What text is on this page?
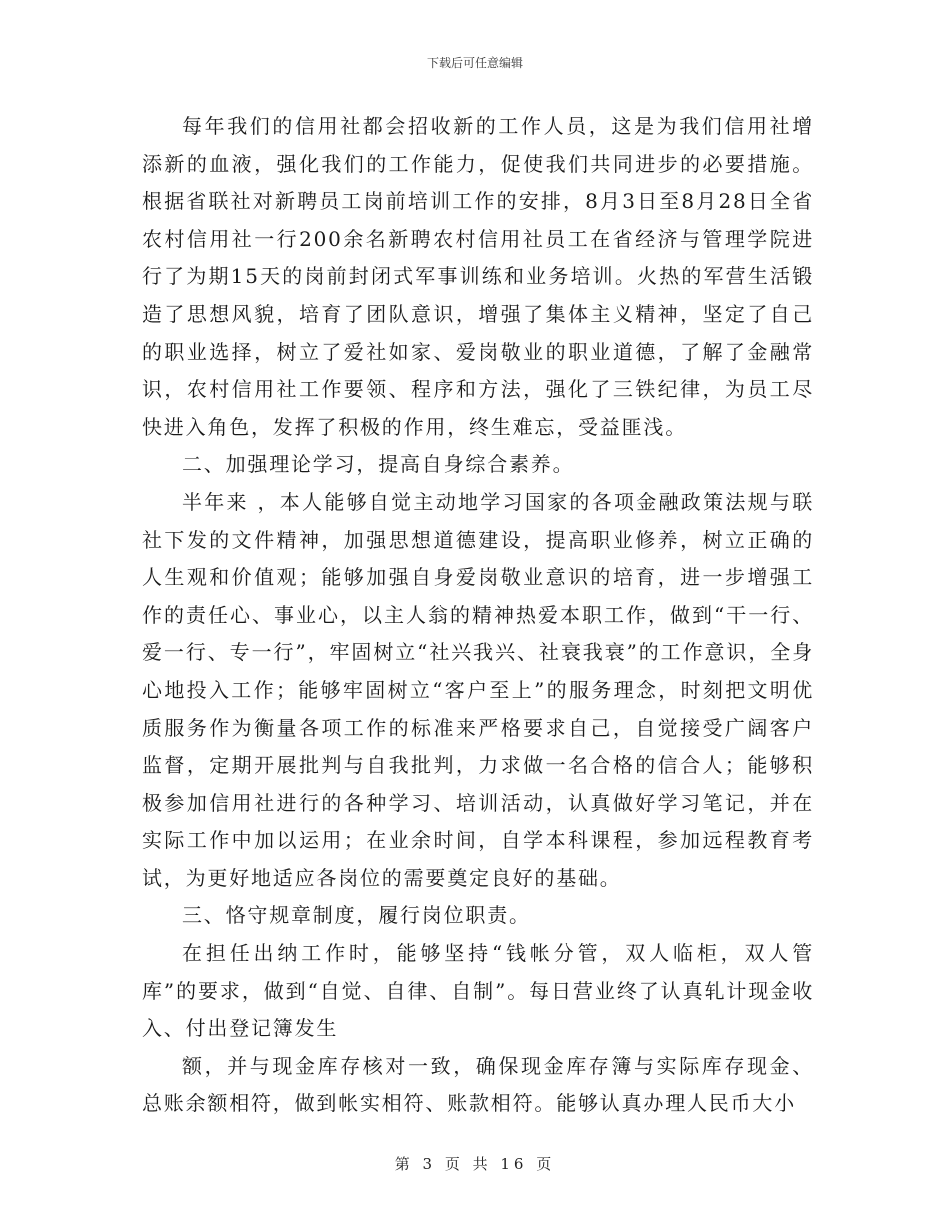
下载后可任意编辑

每年我们的信用社都会招收新的工作人员，这是为我们信用社增添新的血液，强化我们的工作能力，促使我们共同进步的必要措施。根据省联社对新聘员工岗前培训工作的安排，8月3日至8月28日全省农村信用社一行200余名新聘农村信用社员工在省经济与管理学院进行了为期15天的岗前封闭式军事训练和业务培训。火热的军营生活锻造了思想风貌，培育了团队意识，增强了集体主义精神，坚定了自己的职业选择，树立了爱社如家、爱岗敬业的职业道德，了解了金融常识，农村信用社工作要领、程序和方法，强化了三铁纪律，为员工尽快进入角色，发挥了积极的作用，终生难忘，受益匪浅。

二、加强理论学习，提高自身综合素养。

半年来 ，本人能够自觉主动地学习国家的各项金融政策法规与联社下发的文件精神，加强思想道德建设，提高职业修养，树立正确的人生观和价值观；能够加强自身爱岗敬业意识的培育，进一步增强工作的责任心、事业心，以主人翁的精神热爱本职工作，做到“干一行、爱一行、专一行”，牢固树立“社兴我兴、社衰我衰”的工作意识，全身心地投入工作；能够牢固树立“客户至上”的服务理念，时刻把文明优质服务作为衡量各项工作的标准来严格要求自己，自觉接受广阔客户监督，定期开展批判与自我批判，力求做一名合格的信合人；能够积极参加信用社进行的各种学习、培训活动，认真做好学习笔记，并在实际工作中加以运用；在业余时间，自学本科课程，参加远程教育考试，为更好地适应各岗位的需要奠定良好的基础。

三、恪守规章制度，履行岗位职责。

在担任出纳工作时，能够坚持“钱帐分管，双人临柜，双人管库”的要求，做到“自觉、自律、自制”。每日营业终了认真轧计现金收入、付出登记簿发生

额，并与现金库存核对一致，确保现金库存簿与实际库存现金、总账余额相符，做到帐实相符、账款相符。能够认真办理人民币大小

第 3 页 共 16 页
